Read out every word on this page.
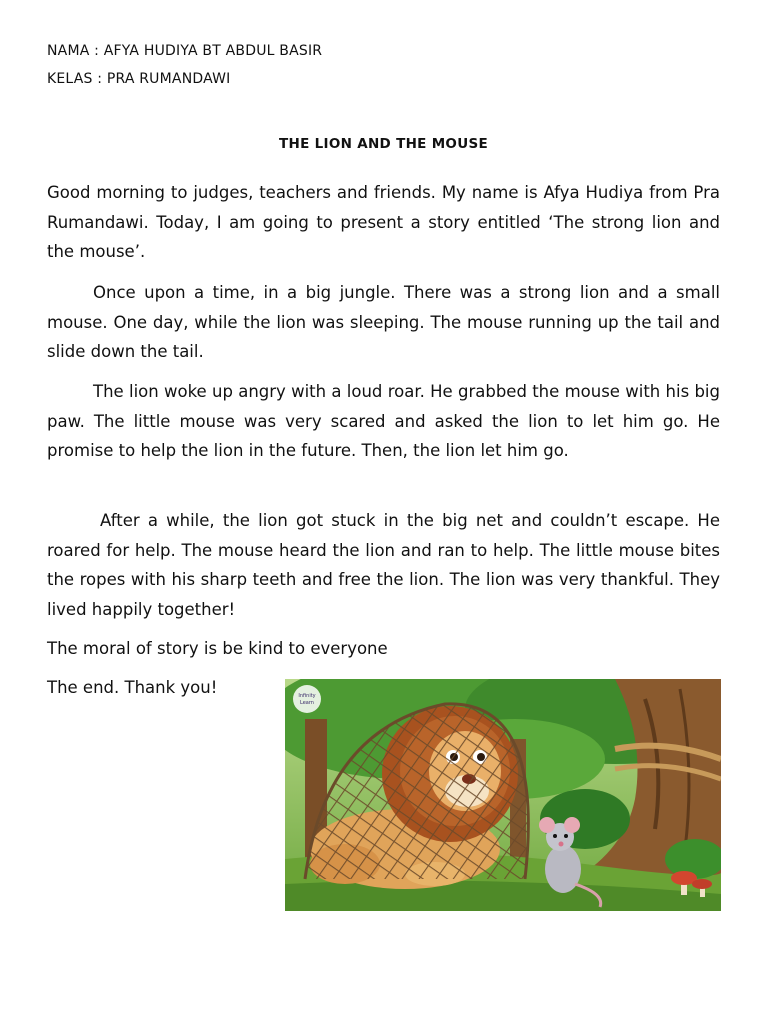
NAMA : AFYA HUDIYA BT ABDUL BASIR
KELAS : PRA RUMANDAWI
THE LION AND THE MOUSE

Good morning to judges, teachers and friends. My name is Afya Hudiya from Pra Rumandawi. Today, I am going to present a story entitled ‘The strong lion and the mouse’.

Once upon a time, in a big jungle. There was a strong lion and a small mouse. One day, while the lion was sleeping. The mouse running up the tail and slide down the tail.

The lion woke up angry with a loud roar. He grabbed the mouse with his big paw. The little mouse was very scared and asked the lion to let him go. He promise to help the lion in the future. Then, the lion let him go.

After a while, the lion got stuck in the big net and couldn’t escape. He roared for help. The mouse heard the lion and ran to help. The little mouse bites the ropes with his sharp teeth and free the lion. The lion was very thankful. They lived happily together!

The moral of story is be kind to everyone

The end. Thank you!	Infinity
Learn
